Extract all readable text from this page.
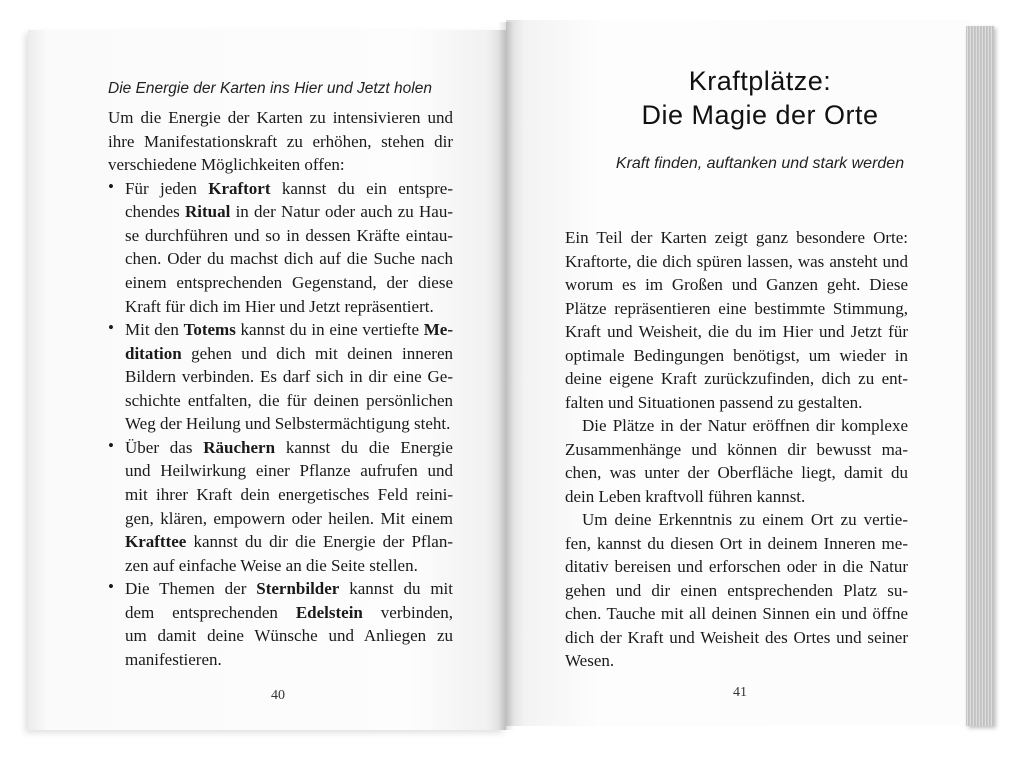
Die Energie der Karten ins Hier und Jetzt holen
Um die Energie der Karten zu intensivieren und
ihre Manifestationskraft zu erhöhen, stehen dir
verschiedene Möglichkeiten offen:
• Für jeden Kraftort kannst du ein entspre-
chendes Ritual in der Natur oder auch zu Hau-
se durchführen und so in dessen Kräfte eintau-
chen. Oder du machst dich auf die Suche nach
einem entsprechenden Gegenstand, der diese
Kraft für dich im Hier und Jetzt repräsentiert.
• Mit den Totems kannst du in eine vertiefte Me-
ditation gehen und dich mit deinen inneren
Bildern verbinden. Es darf sich in dir eine Ge-
schichte entfalten, die für deinen persönlichen
Weg der Heilung und Selbstermächtigung steht.
• Über das Räuchern kannst du die Energie
und Heilwirkung einer Pflanze aufrufen und
mit ihrer Kraft dein energetisches Feld reini-
gen, klären, empowern oder heilen. Mit einem
Krafttee kannst du dir die Energie der Pflan-
zen auf einfache Weise an die Seite stellen.
• Die Themen der Sternbilder kannst du mit
dem entsprechenden Edelstein verbinden,
um damit deine Wünsche und Anliegen zu
manifestieren.
40
Kraftplätze:
Die Magie der Orte
Kraft finden, auftanken und stark werden
Ein Teil der Karten zeigt ganz besondere Orte:
Kraftorte, die dich spüren lassen, was ansteht und
worum es im Großen und Ganzen geht. Diese
Plätze repräsentieren eine bestimmte Stimmung,
Kraft und Weisheit, die du im Hier und Jetzt für
optimale Bedingungen benötigst, um wieder in
deine eigene Kraft zurückzufinden, dich zu ent-
falten und Situationen passend zu gestalten.
Die Plätze in der Natur eröffnen dir komplexe
Zusammenhänge und können dir bewusst ma-
chen, was unter der Oberfläche liegt, damit du
dein Leben kraftvoll führen kannst.
Um deine Erkenntnis zu einem Ort zu vertie-
fen, kannst du diesen Ort in deinem Inneren me-
ditativ bereisen und erforschen oder in die Natur
gehen und dir einen entsprechenden Platz su-
chen. Tauche mit all deinen Sinnen ein und öffne
dich der Kraft und Weisheit des Ortes und seiner
Wesen.
41
